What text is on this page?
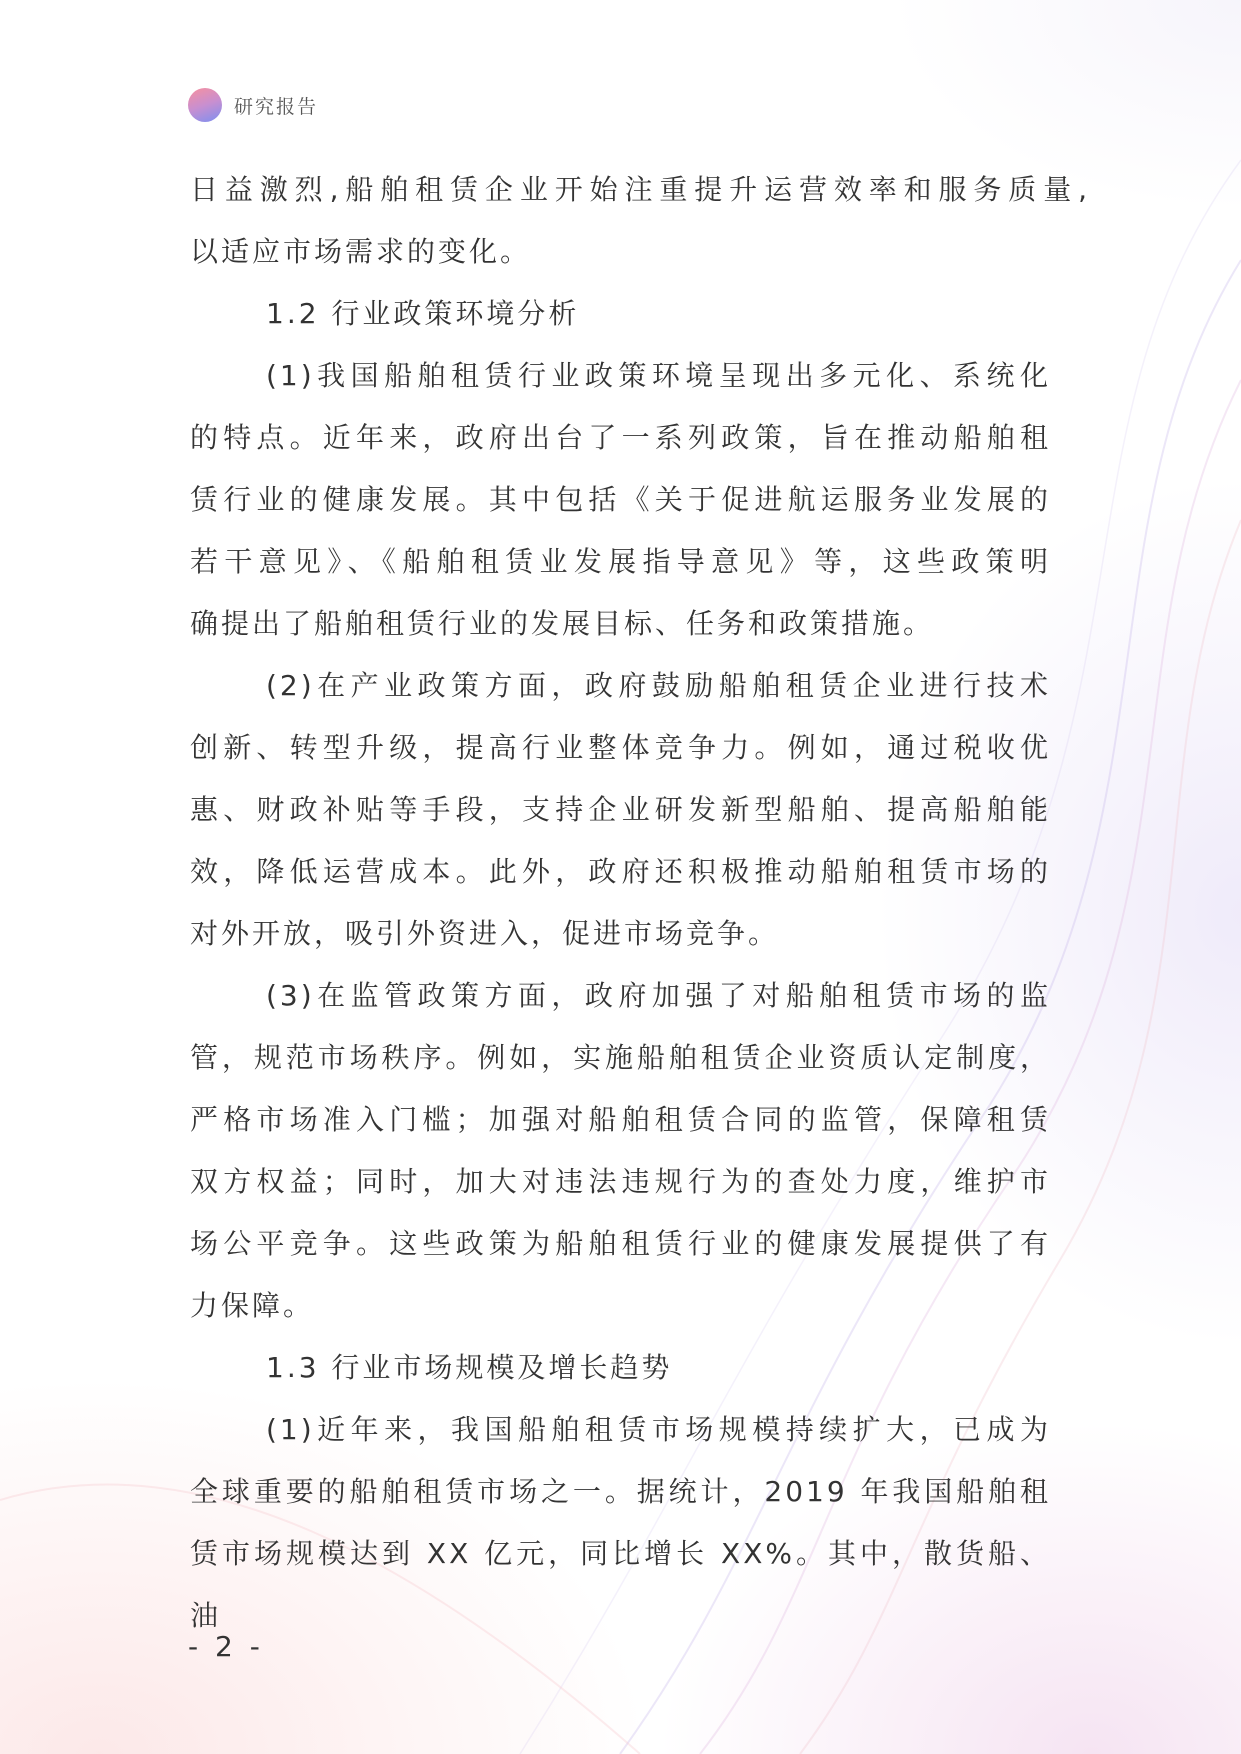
研究报告
日益激烈,船舶租赁企业开始注重提升运营效率和服务质量,
以适应市场需求的变化。
1.2 行业政策环境分析
(1)我国船舶租赁行业政策环境呈现出多元化、系统化
的特点。近年来，政府出台了一系列政策，旨在推动船舶租
赁行业的健康发展。其中包括《关于促进航运服务业发展的
若干意见》、《船舶租赁业发展指导意见》等，这些政策明
确提出了船舶租赁行业的发展目标、任务和政策措施。
(2)在产业政策方面，政府鼓励船舶租赁企业进行技术
创新、转型升级，提高行业整体竞争力。例如，通过税收优
惠、财政补贴等手段，支持企业研发新型船舶、提高船舶能
效，降低运营成本。此外，政府还积极推动船舶租赁市场的
对外开放，吸引外资进入，促进市场竞争。
(3)在监管政策方面，政府加强了对船舶租赁市场的监
管，规范市场秩序。例如，实施船舶租赁企业资质认定制度，
严格市场准入门槛；加强对船舶租赁合同的监管，保障租赁
双方权益；同时，加大对违法违规行为的查处力度，维护市
场公平竞争。这些政策为船舶租赁行业的健康发展提供了有
力保障。
1.3 行业市场规模及增长趋势
(1)近年来，我国船舶租赁市场规模持续扩大，已成为
全球重要的船舶租赁市场之一。据统计，2019 年我国船舶租
赁市场规模达到 XX 亿元，同比增长 XX%。其中，散货船、油
- 2 -
